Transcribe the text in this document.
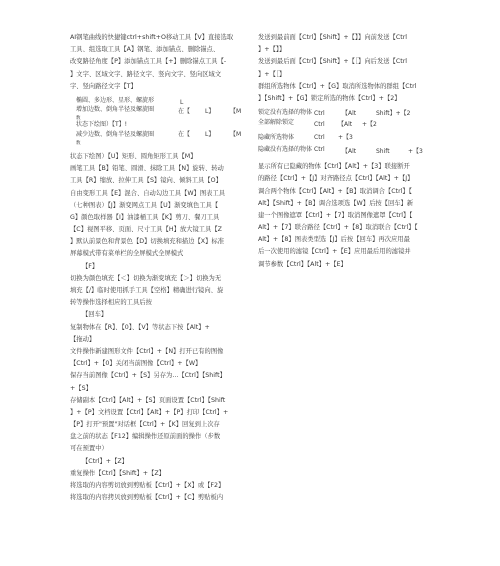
AI钢笔曲线的快捷键ctrl+shift+O移动工具【V】直接选取
工具、组选取工具【A】钢笔、添加锚点、删除锚点、
改变路径角度【P】添加锚点工具【+】删除锚点工具【-
】文字、区域文字、路径文字、竖向文字、竖向区域文
字、竖向路径文字【T】
椭圆、多边形、星形、螺旋形	L
增加边数、倒角半径及螺旋圈	在【 L】	【M
数
状态下绘图）【T】!
减少边数、倒角半径及螺旋圈	在【 L】	【M
数
状态下绘图）【U】矩形、圆角矩形工具【M】
画笔工具【B】铅笔、圆滑、抹除工具【N】旋转、转动
工具【R】缩放、拉伸工具【S】镜向、倾斜工具【O】
自由变形工具【E】混合、自动勾边工具【W】图表工具
（七种图表）【J】渐变网点工具【U】渐变填色工具【
G】颜色取样器【I】油漆桶工具【K】剪刀、餐刀工具
【C】视图平移、页面、尺寸工具【H】放大镜工具【Z
】默认前景色和背景色【D】切换填充和描边【X】标准
屏幕模式带有菜单栏的全屏模式全屏模式
【F】
切换为颜色填充【＜】切换为渐变填充【＞】切换为无
填充【/】临时使用抓手工具【空格】精确进行镜向、旋
转等操作选择相应的工具后按
【回车】
复制物体在【R】、【0】、【V】等状态下按【Alt】+
【拖动】
文件操作新建图形文件【Ctrl】+【N】打开已有的图像
【Ctrl】+【0】关闭当前图像【Ctrl】+【W】
保存当前图像【Ctrl】+【S】另存为...【Ctrl】【Shift】
+【S】
存储副本【Ctrl】【Alt】+【S】页面设置【Ctrl】【Shift
】+【P】文档设置【Ctrl】【Alt】+【P】打印【Ctrl】+
【P】打开"预置"对话框【Ctrl】+【K】回复到上次存
盘之前的状态【F12】编辑操作还原前面的操作（步数
可在预置中）
【Ctrl】+【Z】
重复操作【Ctrl】【Shift】+【Z】
将选取的内容剪切放到剪贴板【Ctrl】+【X】或【F2】
将选取的内容拷贝放到剪贴板【Ctrl】+【C】剪贴板内
发送到最前面【Ctrl】【Shift】+【】】向前发送【Ctrl
】+【】】
发送到最后面【Ctrl】【Shift】+【［】向后发送【Ctrl
】+【［】
群组所选物体【Ctrl】+【G】取消所选物体的群组【Ctrl
】【Shift】+【G】锁定所选的物体【Ctrl】+【2】
锁定没有选择的物体 Ctrl	【Alt	Shift】+【2
全部解除锁定	Ctrl 【Alt +【2
隐藏所选物体	Ctrl +【3
隐藏没有选择的物体 Ctrl	【Alt	Shift	+【3
显示所有已隐藏的物体【Ctrl】【Alt】+【3】联接断开
的路径【Ctrl】+【J】对齐路径点【Ctrl】【Alt】+【J】
调合两个物体【Ctrl】【Alt】+【B】取消调合【Ctrl】【
Alt】【Shift】+【B】调合选项选【W】后按【回车】新
建一个图像遮罩【Ctrl】+【7】取消图像遮罩【Ctrl】【
Alt】+【7】联合路径【Ctrl】+【8】取消联合【Ctrl】【
Alt】+【8】图表类型选【J】后按【回车】再次应用最
后一次使用的滤镜【Ctrl】+【E】应用最后用的滤镜并
调节参数【Ctrl】【Alt】+【E】
